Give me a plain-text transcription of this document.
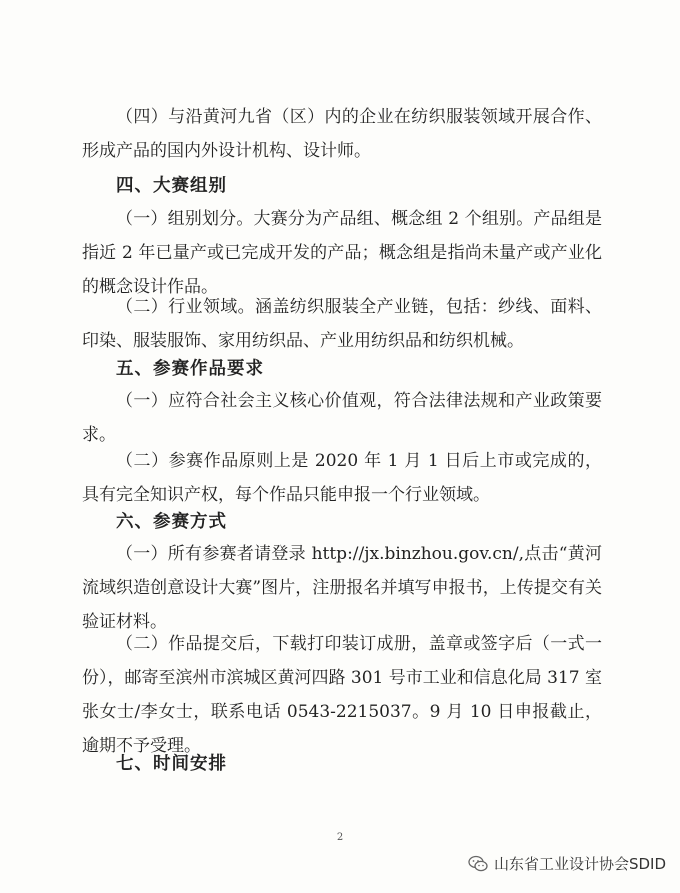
（四）与沿黄河九省（区）内的企业在纺织服装领域开展合作、形成产品的国内外设计机构、设计师。

四、大赛组别

（一）组别划分。大赛分为产品组、概念组 2 个组别。产品组是指近 2 年已量产或已完成开发的产品；概念组是指尚未量产或产业化的概念设计作品。

（二）行业领域。涵盖纺织服装全产业链，包括：纱线、面料、印染、服装服饰、家用纺织品、产业用纺织品和纺织机械。

五、参赛作品要求

（一）应符合社会主义核心价值观，符合法律法规和产业政策要求。

（二）参赛作品原则上是 2020 年 1 月 1 日后上市或完成的，具有完全知识产权，每个作品只能申报一个行业领域。

六、参赛方式

（一）所有参赛者请登录 http://jx.binzhou.gov.cn/,点击“黄河流域织造创意设计大赛”图片，注册报名并填写申报书，上传提交有关验证材料。

（二）作品提交后，下载打印装订成册，盖章或签字后（一式一份），邮寄至滨州市滨城区黄河四路 301 号市工业和信息化局 317 室张女士/李女士，联系电话 0543-2215037。9 月 10 日申报截止，逾期不予受理。

七、时间安排
2
山东省工业设计协会SDID
